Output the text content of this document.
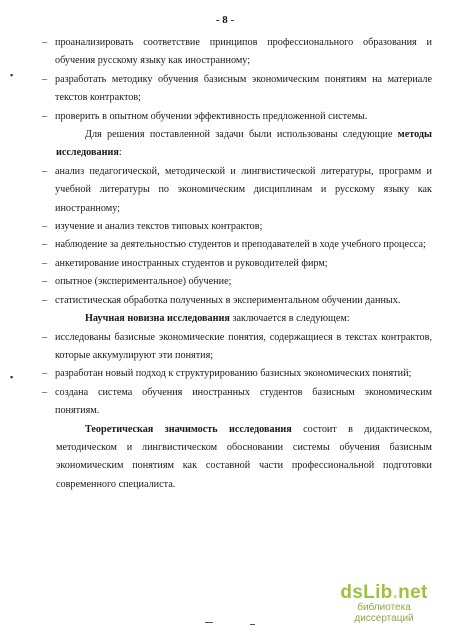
- 8 -
▪
▪
– проанализировать соответствие принципов профессионального образования и обучения русскому языку как иностранному;
– разработать методику обучения базисным экономическим понятиям на материале текстов контрактов;
– проверить в опытном обучении эффективность предложенной системы.

Для решения поставленной задачи были использованы следующие методы исследования:

– анализ педагогической, методической и лингвистической литературы, программ и учебной литературы по экономическим дисциплинам и русскому языку как иностранному;
– изучение и анализ текстов типовых контрактов;
– наблюдение за деятельностью студентов и преподавателей в ходе учебного процесса;
– анкетирование иностранных студентов и руководителей фирм;
– опытное (экспериментальное) обучение;
– статистическая обработка полученных в экспериментальном обучении данных.

Научная новизна исследования заключается в следующем:

– исследованы базисные экономические понятия, содержащиеся в текстах контрактов, которые аккумулируют эти понятия;
– разработан новый подход к структурированию базисных экономических понятий;
– создана система обучения иностранных студентов базисным экономическим понятиям.

Теоретическая значимость исследования состоит в дидактическом, методическом и лингвистическом обосновании системы обучения базисным экономическим понятиям как составной части профессиональной подготовки современного специалиста.

dsLib.net
библиотека диссертаций
